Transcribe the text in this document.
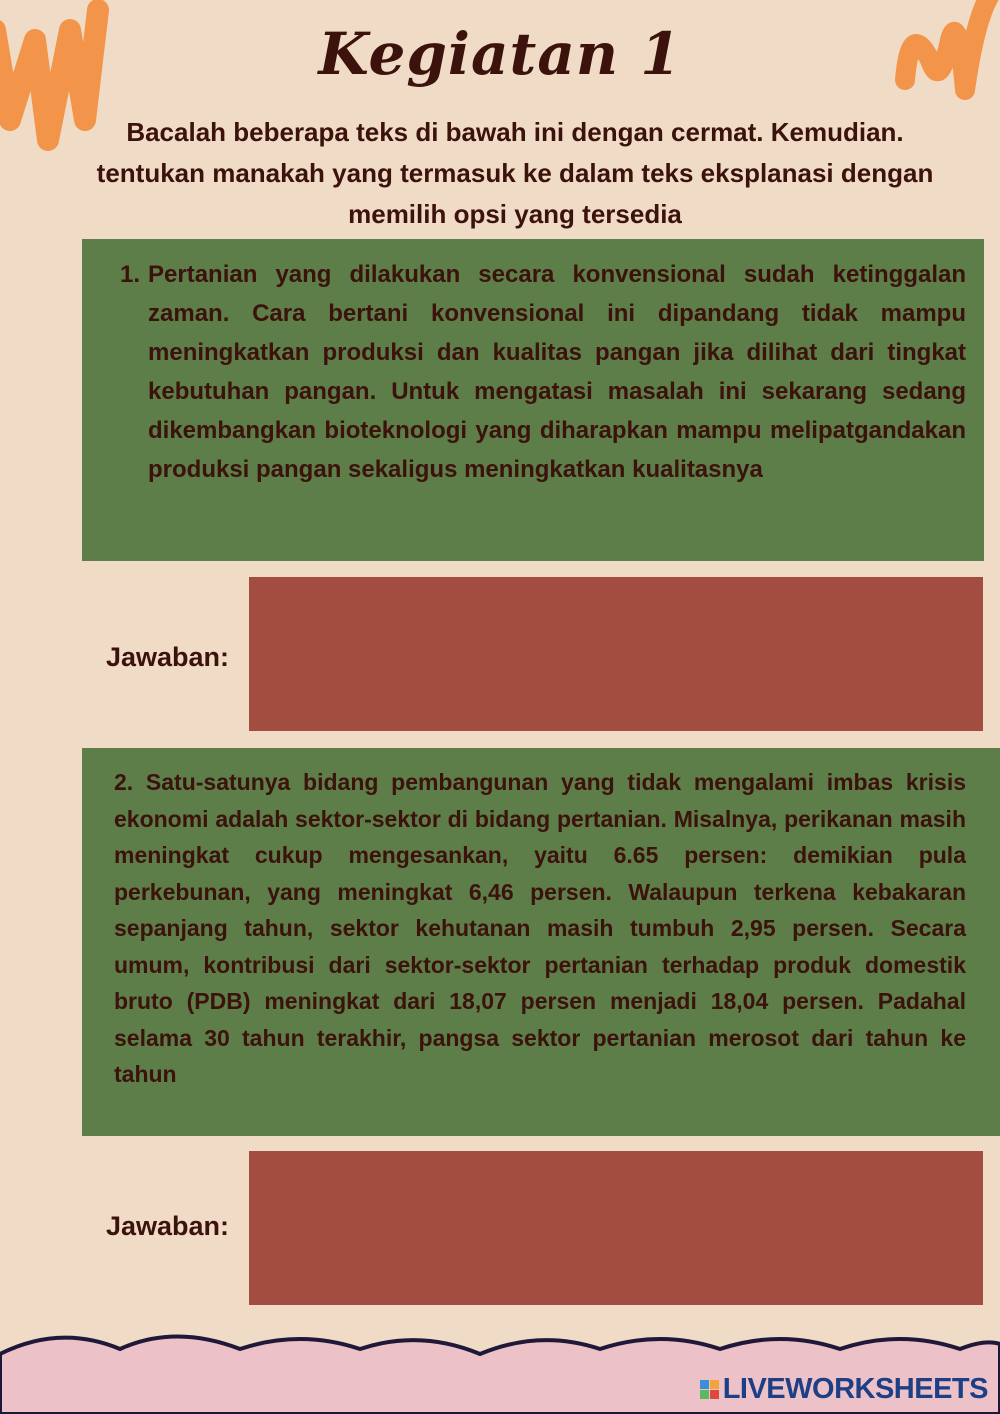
Kegiatan 1
Bacalah beberapa teks di bawah ini dengan cermat. Kemudian. tentukan manakah yang termasuk ke dalam teks eksplanasi dengan memilih opsi yang tersedia
1. Pertanian yang dilakukan secara konvensional sudah ketinggalan zaman. Cara bertani konvensional ini dipandang tidak mampu meningkatkan produksi dan kualitas pangan jika dilihat dari tingkat kebutuhan pangan. Untuk mengatasi masalah ini sekarang sedang dikembangkan bioteknologi yang diharapkan mampu melipatgandakan produksi pangan sekaligus meningkatkan kualitasnya
Jawaban:
2. Satu-satunya bidang pembangunan yang tidak mengalami imbas krisis ekonomi adalah sektor-sektor di bidang pertanian. Misalnya, perikanan masih meningkat cukup mengesankan, yaitu 6.65 persen: demikian pula perkebunan, yang meningkat 6,46 persen. Walaupun terkena kebakaran sepanjang tahun, sektor kehutanan masih tumbuh 2,95 persen. Secara umum, kontribusi dari sektor-sektor pertanian terhadap produk domestik bruto (PDB) meningkat dari 18,07 persen menjadi 18,04 persen. Padahal selama 30 tahun terakhir, pangsa sektor pertanian merosot dari tahun ke tahun
Jawaban:
LIVEWORKSHEETS
